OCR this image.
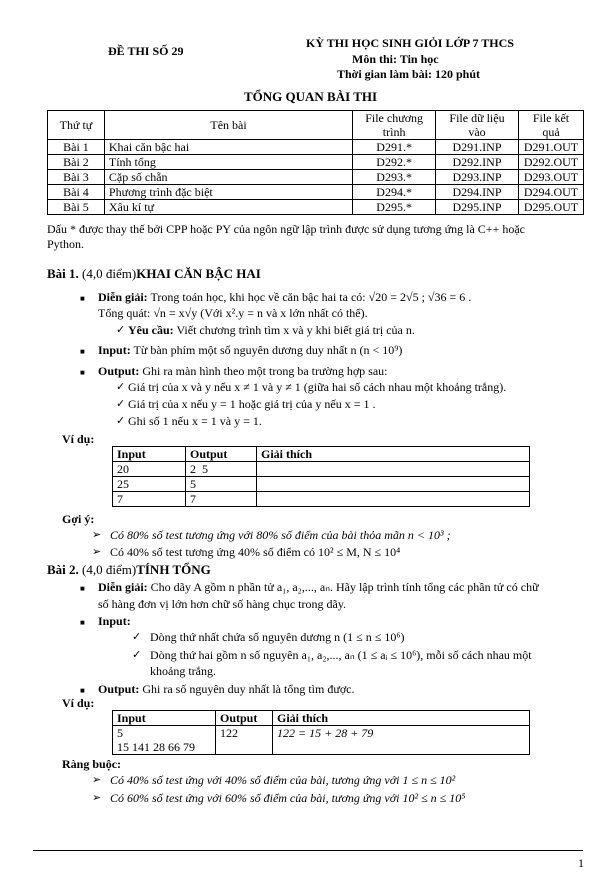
ĐỀ THI SỐ 29
KỲ THI HỌC SINH GIỎI LỚP 7 THCS
Môn thi: Tin học
Thời gian làm bài: 120 phút
TỔNG QUAN BÀI THI
Thứ tự	Tên bài	File chương trình	File dữ liệu vào	File kết quả
Bài 1	Khai căn bậc hai	D291.*	D291.INP	D291.OUT
Bài 2	Tính tổng	D292.*	D292.INP	D292.OUT
Bài 3	Cặp số chẵn	D293.*	D293.INP	D293.OUT
Bài 4	Phương trình đặc biệt	D294.*	D294.INP	D294.OUT
Bài 5	Xâu kí tự	D295.*	D295.INP	D295.OUT
Dấu * được thay thế bởi CPP hoặc PY của ngôn ngữ lập trình được sử dụng tương ứng là C++ hoặc
Python.
Bài 1. (4,0 điểm)KHAI CĂN BẬC HAI
■ Diễn giải: Trong toán học, khi học về căn bậc hai ta có: √20 = 2√5 ; √36 = 6 .
Tổng quát: √n = x√y (Với x².y = n và x lớn nhất có thể).
✓ Yêu cầu: Viết chương trình tìm x và y khi biết giá trị của n.
■ Input: Từ bàn phím một số nguyên dương duy nhất n (n < 10⁹)
■ Output: Ghi ra màn hình theo một trong ba trường hợp sau:
✓ Giá trị của x và y nếu x ≠ 1 và y ≠ 1 (giữa hai số cách nhau một khoảng trắng).
✓ Giá trị của x nếu y = 1 hoặc giá trị của y nếu x = 1 .
✓ Ghi số 1 nếu x = 1 và y = 1.
Ví dụ:
Input	Output	Giải thích
20	2  5	
25	5	
7	7	
Gợi ý:
➢ Có 80% số test tương ứng với 80% số điểm của bài thỏa mãn n < 10³ ;
➢ Có 40% số test tương ứng 40% số điểm có 10² ≤ M, N ≤ 10⁴
Bài 2. (4,0 điểm)TÍNH TỔNG
■ Diễn giải: Cho dãy A gồm n phần tử a₁, a₂,..., aₙ. Hãy lập trình tính tổng các phần tử có chữ
số hàng đơn vị lớn hơn chữ số hàng chục trong dãy.
■ Input:
✓ Dòng thứ nhất chứa số nguyên dương n (1 ≤ n ≤ 10⁶)
✓ Dòng thứ hai gồm n số nguyên a₁, a₂,..., aₙ (1 ≤ aᵢ ≤ 10⁶), mỗi số cách nhau một
khoảng trắng.
■ Output: Ghi ra số nguyên duy nhất là tổng tìm được.
Ví dụ:
Input	Output	Giải thích

5
15 141 28 66 79	122	122 = 15 + 28 + 79
Ràng buộc:
➢ Có 40% số test ứng với 40% số điểm của bài, tương ứng với 1 ≤ n ≤ 10²
➢ Có 60% số test ứng với 60% số điểm của bài, tương ứng với 10² ≤ n ≤ 10⁵
1
